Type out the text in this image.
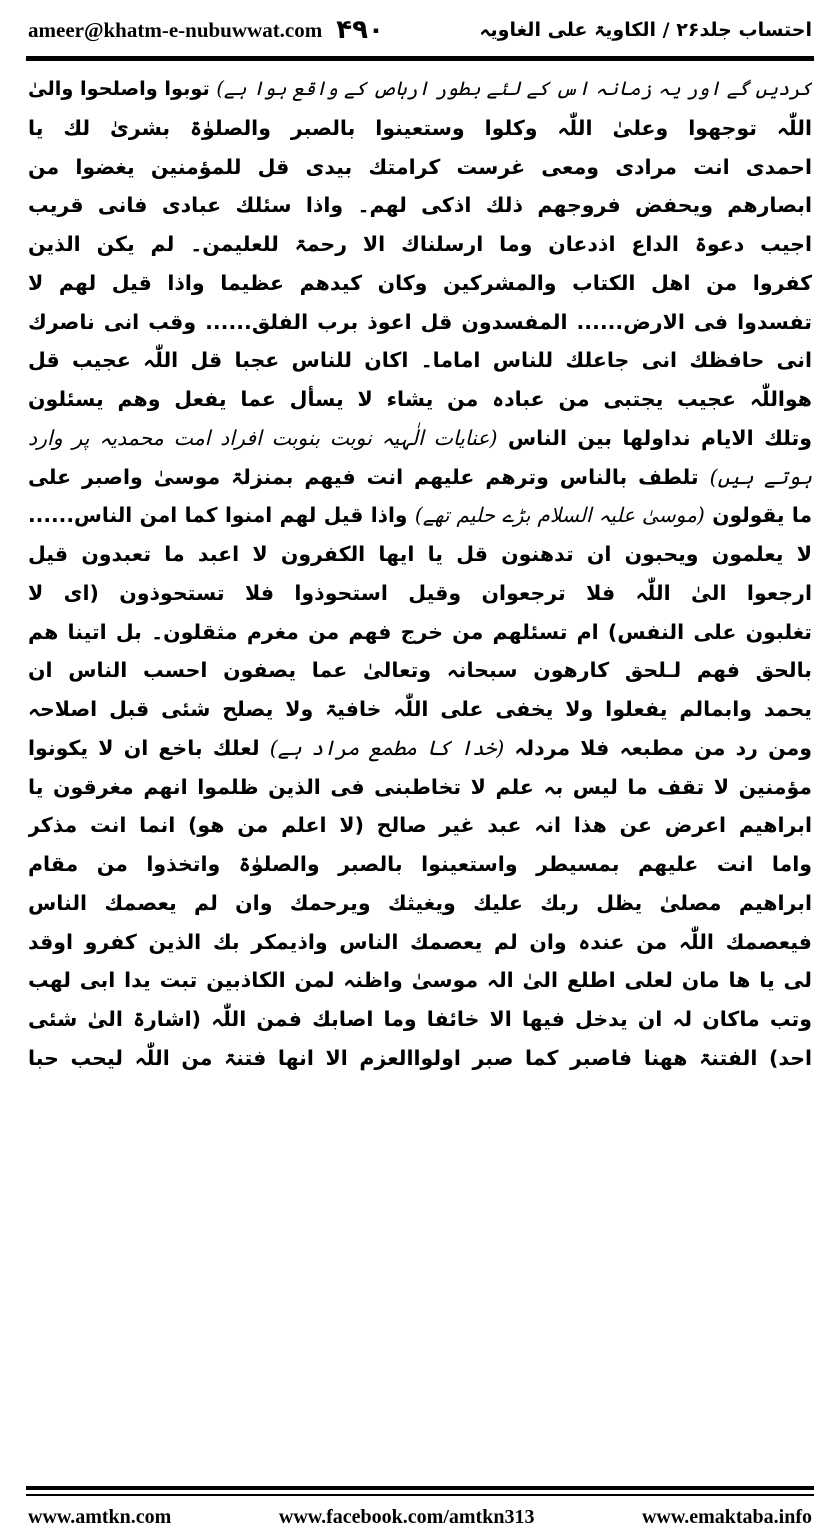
ameer@khatm-e-nubuwwat.com ۴۹۰	احتساب جلد۲۶ / الکاویۃ علی الغاویہ
کردیں گے اور یہ زمانہ اس کے لئے بطور ارہاص کے واقع ہوا ہے) توبوا واصلحوا والیٰ
اللّٰہ توجھوا وعلیٰ اللّٰہ وکلوا وستعینوا بالصبر والصلوٰۃ بشریٰ لك یا
احمدی انت مرادی ومعی غرست کرامتك بیدی قل للمؤمنین یغضوا من
ابصارھم ویحفض فروجھم ذلك اذکی لھم۔ واذا سئلك عبادی فانی قریب
اجیب دعوۃ الداع اذدعان وما ارسلناك الا رحمۃ للعلیمن۔ لم یکن الذین
کفروا من اھل الکتاب والمشرکین وکان کیدھم عظیما واذا قیل لھم لا
تفسدوا فی الارض...... المفسدون قل اعوذ برب الفلق...... وقب انی ناصرك
انی حافظك انی جاعلك للناس اماما۔ اکان للناس عجبا قل اللّٰہ عجیب قل
ھواللّٰہ عجیب یجتبی من عبادہ من یشاء لا یسأل عما یفعل وھم یسئلون
وتلك الایام نداولھا بین الناس (عنایات الٰہیہ نوبت بنوبت افراد امت محمدیہ پر وارد
ہوتے ہیں) تلطف بالناس وترھم علیھم انت فیھم بمنزلۃ موسیٰ واصبر علی
ما یقولون (موسیٰ علیہ السلام بڑے حلیم تھے) واذا قیل لھم امنوا کما امن الناس......
لا یعلمون ویحبون ان تدھنون قل یا ایھا الکفرون لا اعبد ما تعبدون قیل
ارجعوا الیٰ اللّٰہ فلا ترجعوان وقیل استحوذوا فلا تستحوذون (ای لا
تغلبون علی النفس) ام تسئلھم من خرج فھم من مغرم مثقلون۔ بل اتینا ھم
بالحق فھم لـلحق کارھون سبحانہ وتعالیٰ عما یصفون احسب الناس ان
یحمد وابمالم یفعلوا ولا یخفی علی اللّٰہ خافیۃ ولا یصلح شئی قبل اصلاحہ
ومن رد من مطبعہ فلا مردلہ (خدا کا مطمع مراد ہے) لعلك باخع ان لا یکونوا
مؤمنین لا تقف ما لیس بہ علم لا تخاطبنی فی الذین ظلموا انھم مغرقون یا
ابراھیم اعرض عن ھذا انہ عبد غیر صالح (لا اعلم من ھو) انما انت مذکر
واما انت علیھم بمسیطر واستعینوا بالصبر والصلوٰۃ واتخذوا من مقام
ابراھیم مصلیٰ یظل ربك علیك ویغیثك ویرحمك وان لم یعصمك الناس
فیعصمك اللّٰہ من عندہ وان لم یعصمك الناس واذیمکر بك الذین کفرو اوقد
لی یا ھا مان لعلی اطلع الیٰ الہ موسیٰ واظنہ لمن الکاذبین تبت یدا ابی لھب
وتب ماکان لہ ان یدخل فیھا الا خائفا وما اصابك فمن اللّٰہ (اشارۃ الیٰ شئی
احد) الفتنۃ ھھنا فاصبر کما صبر اولواالعزم الا انھا فتنۃ من اللّٰہ لیحب حبا
www.amtkn.com	www.facebook.com/amtkn313	www.emaktaba.info
